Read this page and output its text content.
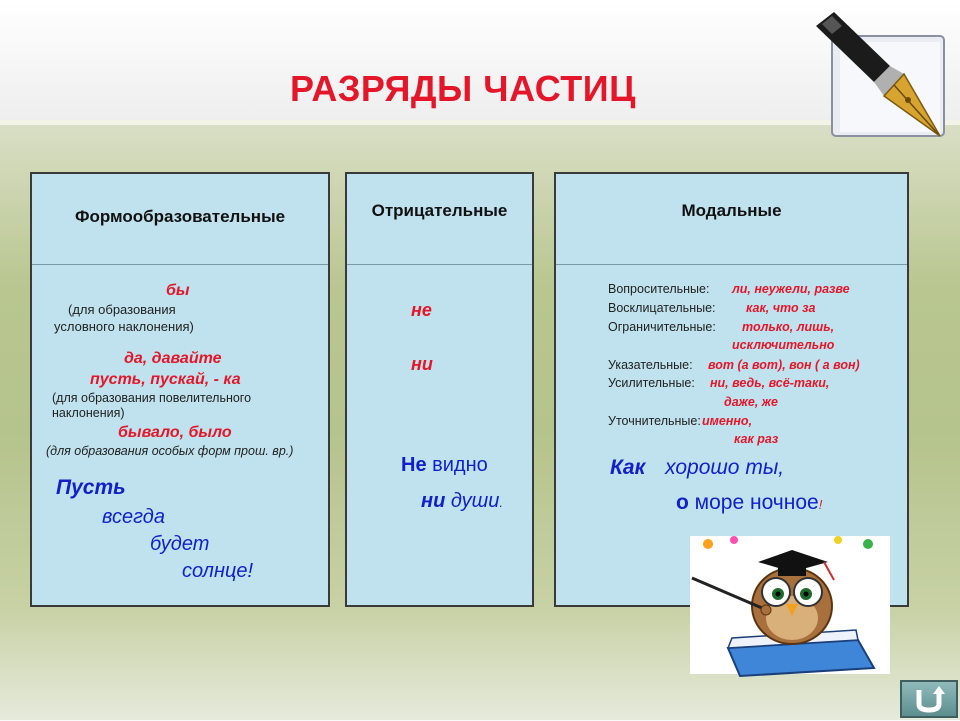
РАЗРЯДЫ ЧАСТИЦ
Формообразовательные
бы
(для образования
условного наклонения)
да, давайте
пусть, пускай, - ка
(для образования повелительного
наклонения)
бывало, было
(для образования особых форм прош. вр.)
Пусть
всегда
будет
солнце!
Отрицательные
не
ни
Не видно
ни души.
Модальные
Вопросительные: ли, неужели, разве
Восклицательные: как, что за
Ограничительные: только, лишь,
исключительно
Указательные: вот (а вот), вон ( а вон)
Усилительные: ни, ведь, всё-таки,
даже, же
Уточнительные: именно,
как раз
Как хорошо ты,
о море ночное!
